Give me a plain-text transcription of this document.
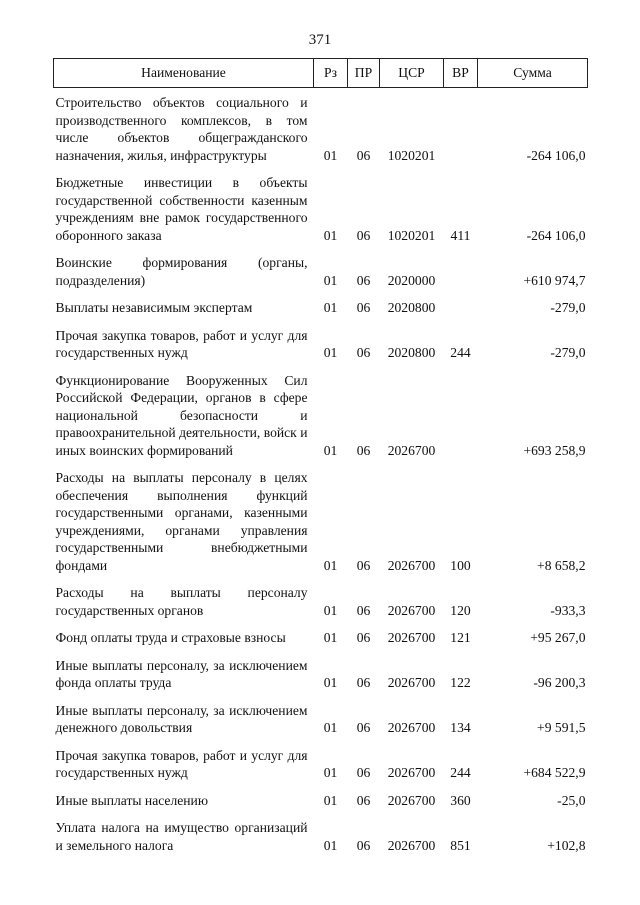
371
Наименование	Рз	ПР	ЦСР	ВР	Сумма
Строительство объектов социального и производственного комплексов, в том числе объектов общегражданского назначения, жилья, инфраструктуры	01	06	1020201		-264 106,0
Бюджетные инвестиции в объекты государственной собственности казенным учреждениям вне рамок государственного оборонного заказа	01	06	1020201	411	-264 106,0
Воинские формирования (органы, подразделения)	01	06	2020000		+610 974,7
Выплаты независимым экспертам	01	06	2020800		-279,0
Прочая закупка товаров, работ и услуг для государственных нужд	01	06	2020800	244	-279,0
Функционирование Вооруженных Сил Российской Федерации, органов в сфере национальной безопасности и правоохранительной деятельности, войск и иных воинских формирований	01	06	2026700		+693 258,9
Расходы на выплаты персоналу в целях обеспечения выполнения функций государственными органами, казенными учреждениями, органами управления государственными внебюджетными фондами	01	06	2026700	100	+8 658,2
Расходы на выплаты персоналу государственных органов	01	06	2026700	120	-933,3
Фонд оплаты труда и страховые взносы	01	06	2026700	121	+95 267,0
Иные выплаты персоналу, за исключением фонда оплаты труда	01	06	2026700	122	-96 200,3
Иные выплаты персоналу, за исключением денежного довольствия	01	06	2026700	134	+9 591,5
Прочая закупка товаров, работ и услуг для государственных нужд	01	06	2026700	244	+684 522,9
Иные выплаты населению	01	06	2026700	360	-25,0
Уплата налога на имущество организаций и земельного налога	01	06	2026700	851	+102,8
